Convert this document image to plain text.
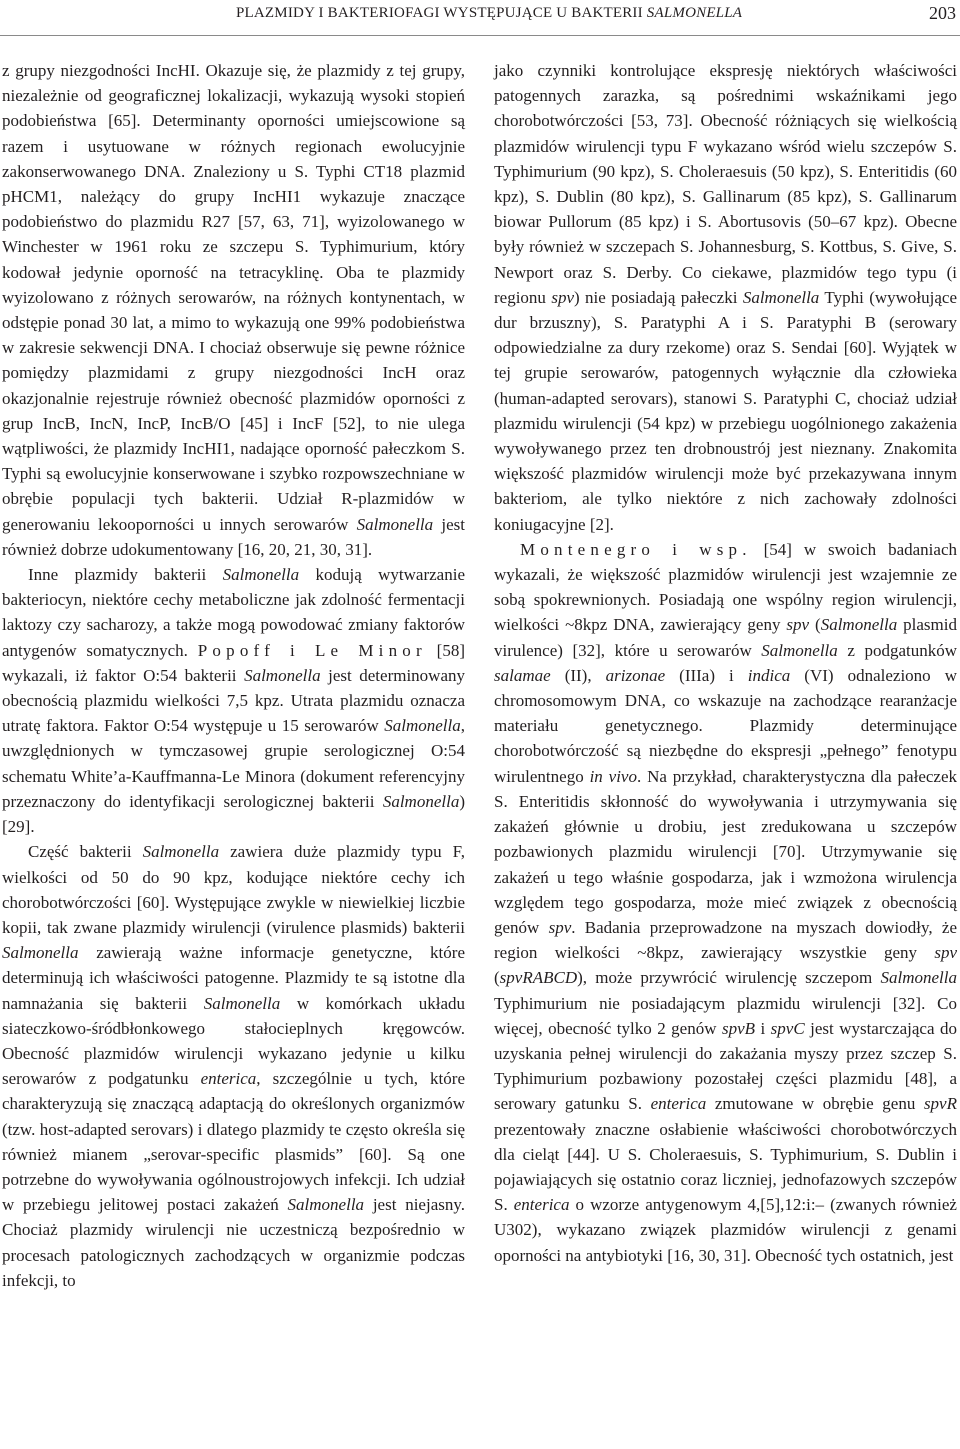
PLAZMIDY I BAKTERIOFAGI WYSTĘPUJĄCE U BAKTERII SALMONELLA	203

z grupy niezgodności IncHI. Okazuje się, że plazmidy z tej grupy, niezależnie od geograficznej lokalizacji, wykazują wysoki stopień podobieństwa [65]. Determinanty oporności umiejscowione są razem i usytuowane w różnych regionach ewolucyjnie zakonserwowanego DNA. Znaleziony u S. Typhi CT18 plazmid pHCM1, należący do grupy IncHI1 wykazuje znaczące podobieństwo do plazmidu R27 [57, 63, 71], wyizolowanego w Winchester w 1961 roku ze szczepu S. Typhimurium, który kodował jedynie oporność na tetracyklinę. Oba te plazmidy wyizolowano z różnych serowarów, na różnych kontynentach, w odstępie ponad 30 lat, a mimo to wykazują one 99% podobieństwa w zakresie sekwencji DNA. I chociaż obserwuje się pewne różnice pomiędzy plazmidami z grupy niezgodności IncH oraz okazjonalnie rejestruje również obecność plazmidów oporności z grup IncB, IncN, IncP, IncB/O [45] i IncF [52], to nie ulega wątpliwości, że plazmidy IncHI1, nadające oporność pałeczkom S. Typhi są ewolucyjnie konserwowane i szybko rozpowszechniane w obrębie populacji tych bakterii. Udział R-plazmidów w generowaniu lekooporności u innych serowarów Salmonella jest również dobrze udokumentowany [16, 20, 21, 30, 31].

Inne plazmidy bakterii Salmonella kodują wytwarzanie bakteriocyn, niektóre cechy metaboliczne jak zdolność fermentacji laktozy czy sacharozy, a także mogą powodować zmiany faktorów antygenów somatycznych. Popoff i Le Minor [58] wykazali, iż faktor O:54 bakterii Salmonella jest determinowany obecnością plazmidu wielkości 7,5 kpz. Utrata plazmidu oznacza utratę faktora. Faktor O:54 występuje u 15 serowarów Salmonella, uwzględnionych w tymczasowej grupie serologicznej O:54 schematu White’a-Kauffmanna-Le Minora (dokument referencyjny przeznaczony do identyfikacji serologicznej bakterii Salmonella) [29].

Część bakterii Salmonella zawiera duże plazmidy typu F, wielkości od 50 do 90 kpz, kodujące niektóre cechy ich chorobotwórczości [60]. Występujące zwykle w niewielkiej liczbie kopii, tak zwane plazmidy wirulencji (virulence plasmids) bakterii Salmonella zawierają ważne informacje genetyczne, które determinują ich właściwości patogenne. Plazmidy te są istotne dla namnażania się bakterii Salmonella w komórkach układu siateczkowo-śródbłonkowego stałocieplnych kręgowców. Obecność plazmidów wirulencji wykazano jedynie u kilku serowarów z podgatunku enterica, szczególnie u tych, które charakteryzują się znaczącą adaptacją do określonych organizmów (tzw. host-adapted serovars) i dlatego plazmidy te często określa się również mianem „serovar-specific plasmids” [60]. Są one potrzebne do wywoływania ogólnoustrojowych infekcji. Ich udział w przebiegu jelitowej postaci zakażeń Salmonella jest niejasny. Chociaż plazmidy wirulencji nie uczestniczą bezpośrednio w procesach patologicznych zachodzących w organizmie podczas infekcji, to

jako czynniki kontrolujące ekspresję niektórych właściwości patogennych zarazka, są pośrednimi wskaźnikami jego chorobotwórczości [53, 73]. Obecność różniących się wielkością plazmidów wirulencji typu F wykazano wśród wielu szczepów S. Typhimurium (90 kpz), S. Choleraesuis (50 kpz), S. Enteritidis (60 kpz), S. Dublin (80 kpz), S. Gallinarum (85 kpz), S. Gallinarum biowar Pullorum (85 kpz) i S. Abortusovis (50–67 kpz). Obecne były również w szczepach S. Johannesburg, S. Kottbus, S. Give, S. Newport oraz S. Derby. Co ciekawe, plazmidów tego typu (i regionu spv) nie posiadają pałeczki Salmonella Typhi (wywołujące dur brzuszny), S. Paratyphi A i S. Paratyphi B (serowary odpowiedzialne za dury rzekome) oraz S. Sendai [60]. Wyjątek w tej grupie serowarów, patogennych wyłącznie dla człowieka (human-adapted serovars), stanowi S. Paratyphi C, chociaż udział plazmidu wirulencji (54 kpz) w przebiegu uogólnionego zakażenia wywoływanego przez ten drobnoustrój jest nieznany. Znakomita większość plazmidów wirulencji może być przekazywana innym bakteriom, ale tylko niektóre z nich zachowały zdolności koniugacyjne [2].

Montenegro i wsp. [54] w swoich badaniach wykazali, że większość plazmidów wirulencji jest wzajemnie ze sobą spokrewnionych. Posiadają one wspólny region wirulencji, wielkości ~8kpz DNA, zawierający geny spv (Salmonella plasmid virulence) [32], które u serowarów Salmonella z podgatunków salamae (II), arizonae (IIIa) i indica (VI) odnaleziono w chromosomowym DNA, co wskazuje na zachodzące rearanżacje materiału genetycznego. Plazmidy determinujące chorobotwórczość są niezbędne do ekspresji „pełnego” fenotypu wirulentnego in vivo. Na przykład, charakterystyczna dla pałeczek S. Enteritidis skłonność do wywoływania i utrzymywania się zakażeń głównie u drobiu, jest zredukowana u szczepów pozbawionych plazmidu wirulencji [70]. Utrzymywanie się zakażeń u tego właśnie gospodarza, jak i wzmożona wirulencja względem tego gospodarza, może mieć związek z obecnością genów spv. Badania przeprowadzone na myszach dowiodły, że region wielkości ~8kpz, zawierający wszystkie geny spv (spvRABCD), może przywrócić wirulencję szczepom Salmonella Typhimurium nie posiadającym plazmidu wirulencji [32]. Co więcej, obecność tylko 2 genów spvB i spvC jest wystarczająca do uzyskania pełnej wirulencji do zakażania myszy przez szczep S. Typhimurium pozbawiony pozostałej części plazmidu [48], a serowary gatunku S. enterica zmutowane w obrębie genu spvR prezentowały znaczne osłabienie właściwości chorobotwórczych dla cieląt [44]. U S. Choleraesuis, S. Typhimurium, S. Dublin i pojawiających się ostatnio coraz liczniej, jednofazowych szczepów S. enterica o wzorze antygenowym 4,[5],12:i:– (zwanych również U302), wykazano związek plazmidów wirulencji z genami oporności na antybiotyki [16, 30, 31]. Obecność tych ostatnich, jest
